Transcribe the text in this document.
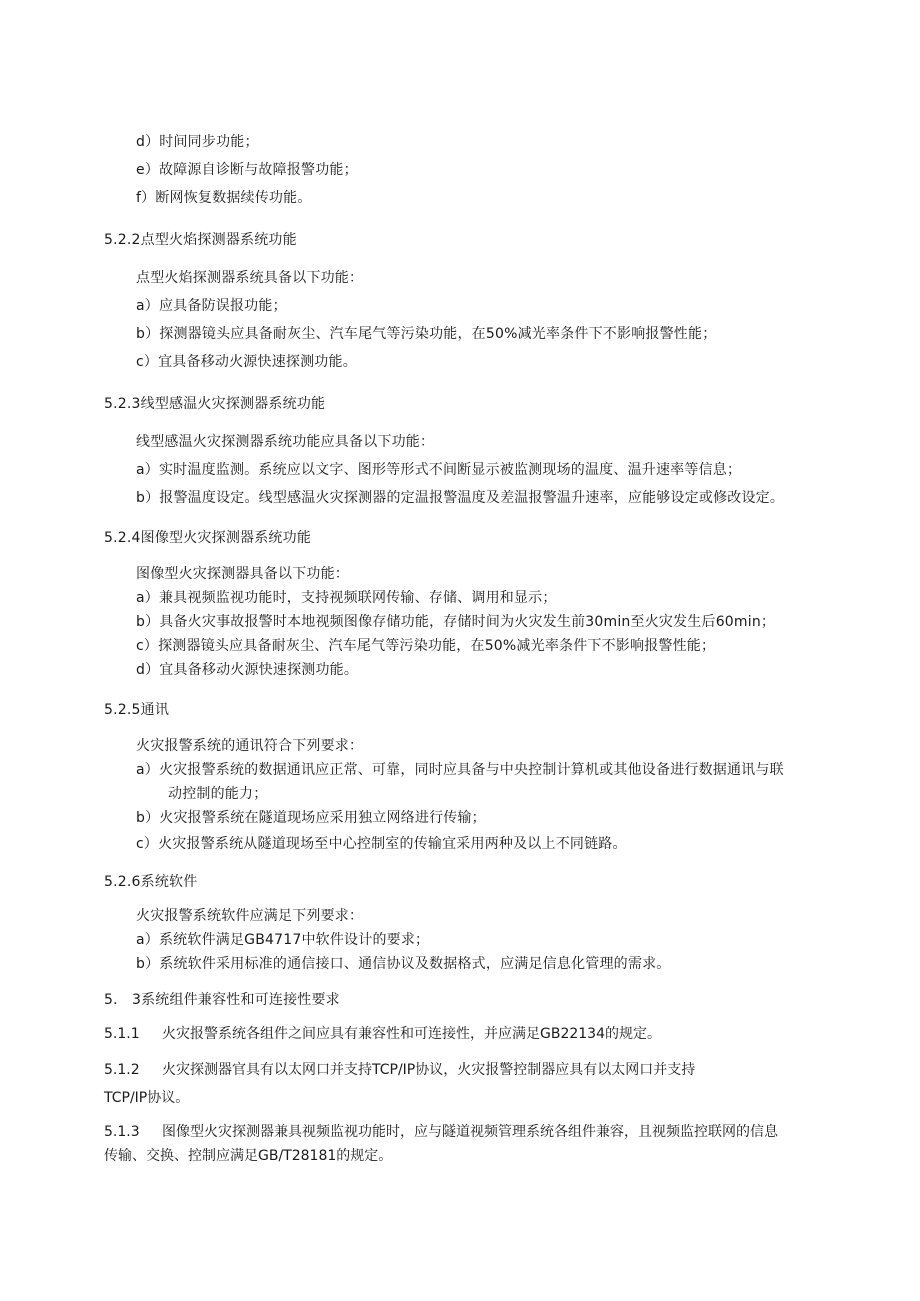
d）时间同步功能；
e）故障源自诊断与故障报警功能；
f）断网恢复数据续传功能。
5.2.2点型火焰探测器系统功能
点型火焰探测器系统具备以下功能：
a）应具备防误报功能；
b）探测器镜头应具备耐灰尘、汽车尾气等污染功能，在50%减光率条件下不影响报警性能；
c）宜具备移动火源快速探测功能。
5.2.3线型感温火灾探测器系统功能
线型感温火灾探测器系统功能应具备以下功能：
a）实时温度监测。系统应以文字、图形等形式不间断显示被监测现场的温度、温升速率等信息；
b）报警温度设定。线型感温火灾探测器的定温报警温度及差温报警温升速率，应能够设定或修改设定。
5.2.4图像型火灾探测器系统功能
图像型火灾探测器具备以下功能：
a）兼具视频监视功能时，支持视频联网传输、存储、调用和显示；
b）具备火灾事故报警时本地视频图像存储功能，存储时间为火灾发生前30min至火灾发生后60min；
c）探测器镜头应具备耐灰尘、汽车尾气等污染功能，在50%减光率条件下不影响报警性能；
d）宜具备移动火源快速探测功能。
5.2.5通讯
火灾报警系统的通讯符合下列要求：
a）火灾报警系统的数据通讯应正常、可靠，同时应具备与中央控制计算机或其他设备进行数据通讯与联
动控制的能力；
b）火灾报警系统在隧道现场应采用独立网络进行传输；
c）火灾报警系统从隧道现场至中心控制室的传输宜采用两种及以上不同链路。
5.2.6系统软件
火灾报警系统软件应满足下列要求：
a）系统软件满足GB4717中软件设计的要求；
b）系统软件采用标准的通信接口、通信协议及数据格式，应满足信息化管理的需求。
5.　3系统组件兼容性和可连接性要求
5.1.1 火灾报警系统各组件之间应具有兼容性和可连接性，并应满足GB22134的规定。
5.1.2 火灾探测器官具有以太网口并支持TCP/IP协议，火灾报警控制器应具有以太网口并支持
TCP/IP协议。
5.1.3 图像型火灾探测器兼具视频监视功能时，应与隧道视频管理系统各组件兼容，且视频监控联网的信息
传输、交换、控制应满足GB/T28181的规定。
